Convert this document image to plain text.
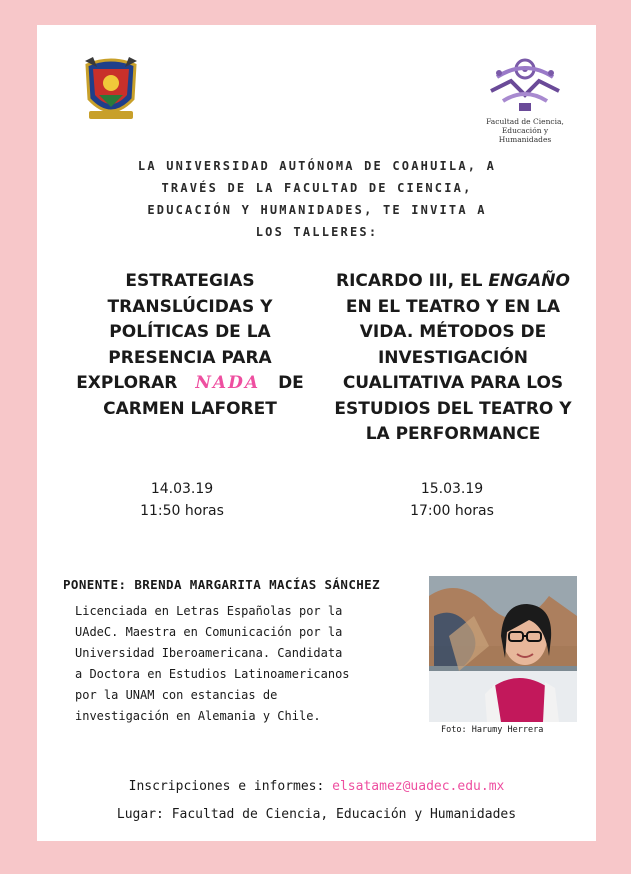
Facultad de Ciencia,
Educación y Humanidades
LA UNIVERSIDAD AUTÓNOMA DE COAHUILA, A
TRAVÉS DE LA FACULTAD DE CIENCIA,
EDUCACIÓN Y HUMANIDADES, TE INVITA A
LOS TALLERES:
ESTRATEGIAS
TRANSLÚCIDAS Y
POLÍTICAS DE LA
PRESENCIA PARA
EXPLORAR NADA DE
CARMEN LAFORET
RICARDO III, EL ENGAÑO
EN EL TEATRO Y EN LA
VIDA. MÉTODOS DE
INVESTIGACIÓN
CUALITATIVA PARA LOS
ESTUDIOS DEL TEATRO Y
LA PERFORMANCE
14.03.19
11:50 horas
15.03.19
17:00 horas
PONENTE: BRENDA MARGARITA MACÍAS SÁNCHEZ
Licenciada en Letras Españolas por la
UAdeC. Maestra en Comunicación por la
Universidad Iberoamericana. Candidata
a Doctora en Estudios Latinoamericanos
por la UNAM con estancias de
investigación en Alemania y Chile.
Foto: Harumy Herrera
Inscripciones e informes: elsatamez@uadec.edu.mx
Lugar: Facultad de Ciencia, Educación y Humanidades
